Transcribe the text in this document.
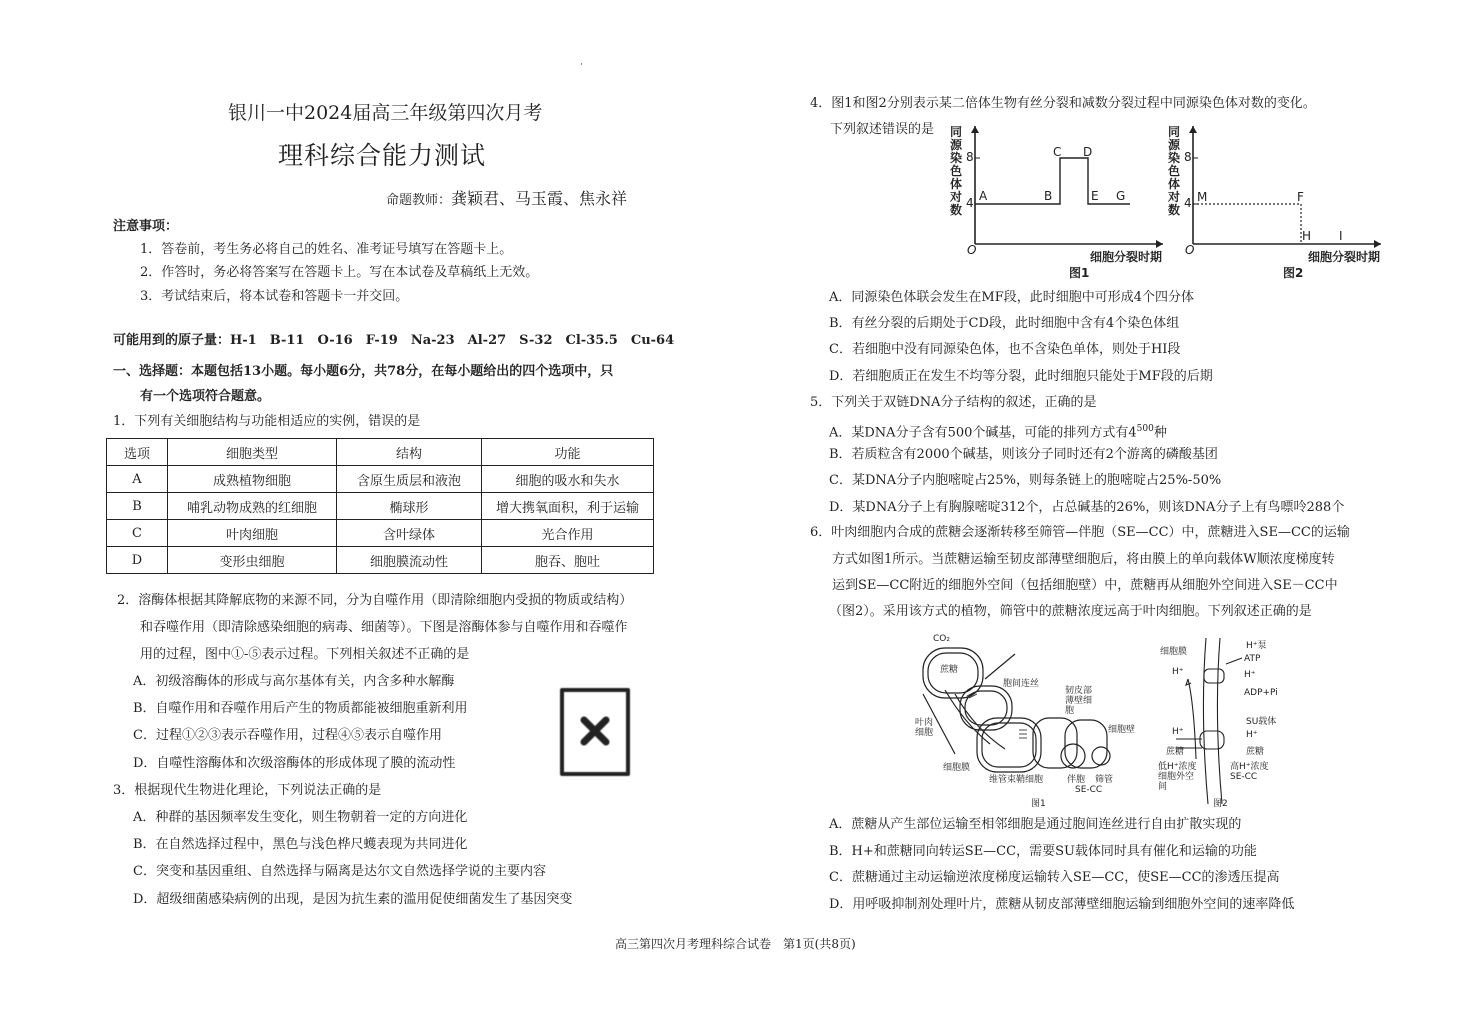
·
银川一中2024届高三年级第四次月考
理科综合能力测试
命题教师：龚颖君、马玉霞、焦永祥
注意事项：
1．答卷前，考生务必将自己的姓名、准考证号填写在答题卡上。
2．作答时，务必将答案写在答题卡上。写在本试卷及草稿纸上无效。
3．考试结束后，将本试卷和答题卡一并交回。
可能用到的原子量：H-1　B-11　O-16　F-19　Na-23　Al-27　S-32　Cl-35.5　Cu-64
一、选择题：本题包括13小题。每小题6分，共78分，在每小题给出的四个选项中，只
有一个选项符合题意。
1．下列有关细胞结构与功能相适应的实例，错误的是
选项	细胞类型	结构	功能
A	成熟植物细胞	含原生质层和液泡	细胞的吸水和失水
B	哺乳动物成熟的红细胞	椭球形	增大携氧面积，利于运输
C	叶肉细胞	含叶绿体	光合作用
D	变形虫细胞	细胞膜流动性	胞吞、胞吐
2．溶酶体根据其降解底物的来源不同，分为自噬作用（即清除细胞内受损的物质或结构）
和吞噬作用（即清除感染细胞的病毒、细菌等）。下图是溶酶体参与自噬作用和吞噬作
用的过程，图中①-⑤表示过程。下列相关叙述不正确的是
A．初级溶酶体的形成与高尔基体有关，内含多种水解酶
B．自噬作用和吞噬作用后产生的物质都能被细胞重新利用
C．过程①②③表示吞噬作用，过程④⑤表示自噬作用
D．自噬性溶酶体和次级溶酶体的形成体现了膜的流动性
3．根据现代生物进化理论，下列说法正确的是
A．种群的基因频率发生变化，则生物朝着一定的方向进化
B．在自然选择过程中，黑色与浅色桦尺蠖表现为共同进化
C．突变和基因重组、自然选择与隔离是达尔文自然选择学说的主要内容
D．超级细菌感染病例的出现，是因为抗生素的滥用促使细菌发生了基因突变
4．图1和图2分别表示某二倍体生物有丝分裂和减数分裂过程中同源染色体对数的变化。
下列叙述错误的是 同源染色体对数
8
4
O
A	B
C D
E G
细胞分裂时期
图1
同源染色体对数
8
4
O
M	F
H I
细胞分裂时期
图2
A．同源染色体联会发生在MF段，此时细胞中可形成4个四分体
B．有丝分裂的后期处于CD段，此时细胞中含有4个染色体组
C．若细胞中没有同源染色体，也不含染色单体，则处于HI段
D．若细胞质正在发生不均等分裂，此时细胞只能处于MF段的后期
5．下列关于双链DNA分子结构的叙述，正确的是
A．某DNA分子含有500个碱基，可能的排列方式有$4^{500}$种
B．若质粒含有2000个碱基，则该分子同时还有2个游离的磷酸基团
C．某DNA分子内胞嘧啶占25%，则每条链上的胞嘧啶占25%-50%
D．某DNA分子上有胸腺嘧啶312个，占总碱基的26%，则该DNA分子上有鸟嘌呤288个
6．叶肉细胞内合成的蔗糖会逐渐转移至筛管—伴胞（SE—CC）中，蔗糖进入SE—CC的运输
方式如图1所示。当蔗糖运输至韧皮部薄壁细胞后，将由膜上的单向载体W顺浓度梯度转
运到SE—CC附近的细胞外空间（包括细胞壁）中，蔗糖再从细胞外空间进入SE－CC中
（图2）。采用该方式的植物，筛管中的蔗糖浓度远高于叶肉细胞。下列叙述正确的是
CO₂
蔗糖
胞间连丝
韧皮部薄壁细胞
叶肉细胞	细胞壁
细胞膜
维管束鞘细胞	伴胞 筛管
SE-CC
图1
细胞膜
H⁺
H⁺泵
ATP
H⁺
ADP+Pi
SU载体
H⁺
蔗糖
H⁺
蔗糖
低H⁺浓度细胞外空间
高H⁺浓度SE-CC
图2
A．蔗糖从产生部位运输至相邻细胞是通过胞间连丝进行自由扩散实现的
B．H+和蔗糖同向转运SE—CC，需要SU载体同时具有催化和运输的功能
C．蔗糖通过主动运输逆浓度梯度运输转入SE—CC，使SE—CC的渗透压提高
D．用呼吸抑制剂处理叶片，蔗糖从韧皮部薄壁细胞运输到细胞外空间的速率降低
高三第四次月考理科综合试卷　第1页(共8页)
